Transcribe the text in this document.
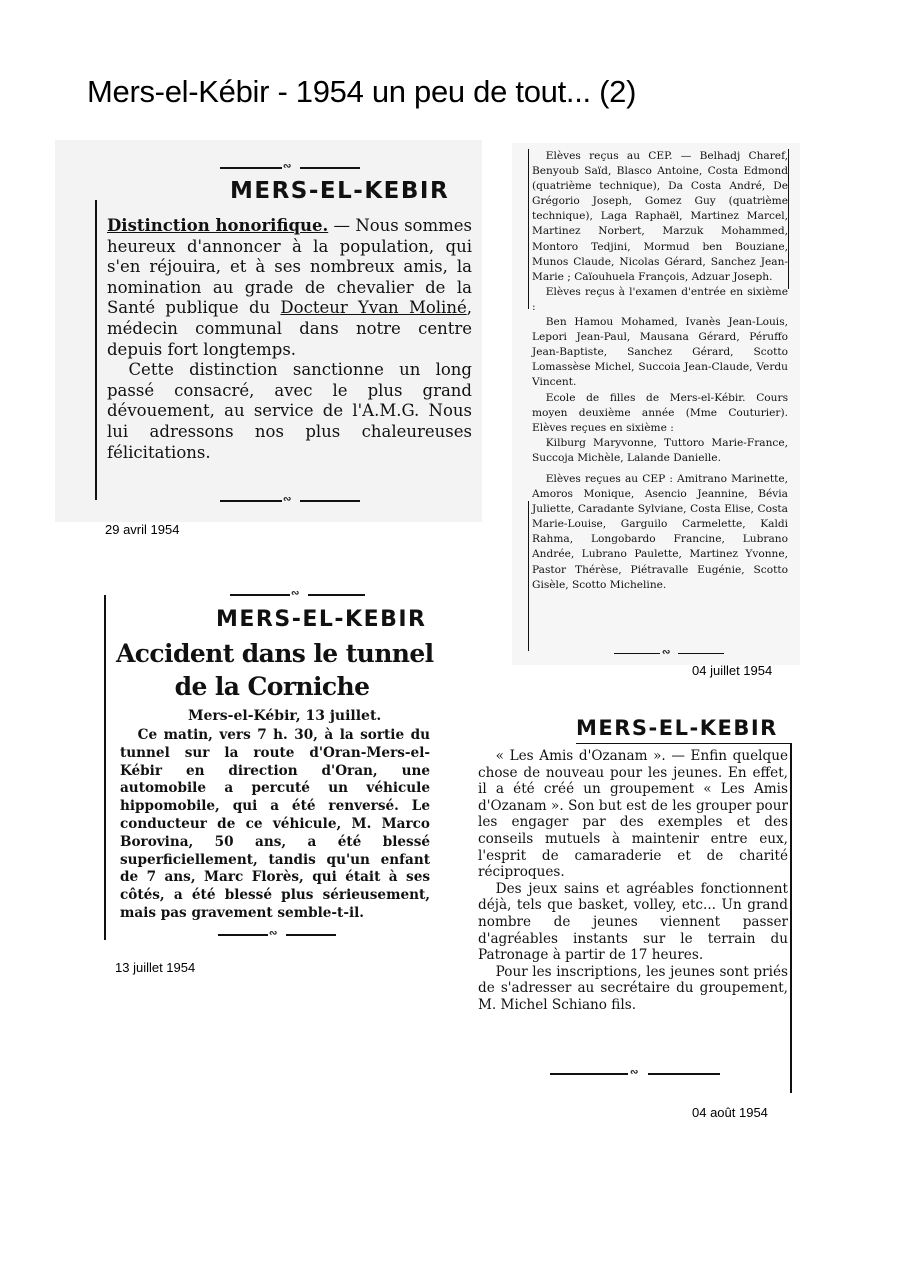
Mers-el-Kébir - 1954 un peu de tout... (2)
∾
MERS-EL-KEBIR

Distinction honorifique. — Nous sommes heureux d'annoncer à la population, qui s'en réjouira, et à ses nombreux amis, la nomination au grade de chevalier de la Santé publique du Docteur Yvan Moliné, médecin communal dans notre centre depuis fort longtemps.

Cette distinction sanctionne un long passé consacré, avec le plus grand dévouement, au service de l'A.M.G. Nous lui adressons nos plus chaleureuses félicitations.

∾
29 avril 1954

Elèves reçus au CEP. — Belhadj Charef, Benyoub Saïd, Blasco Antoine, Costa Edmond (quatrième technique), Da Costa André, De Grégorio Joseph, Gomez Guy (quatrième technique), Laga Raphaël, Martinez Marcel, Martinez Norbert, Marzuk Mohammed, Montoro Tedjini, Mormud ben Bouziane, Munos Claude, Nicolas Gérard, Sanchez Jean-Marie ; Caïouhuela François, Adzuar Joseph.

Elèves reçus à l'examen d'entrée en sixième :

Ben Hamou Mohamed, Ivanès Jean-Louis, Lepori Jean-Paul, Mausana Gérard, Péruffo Jean-Baptiste, Sanchez Gérard, Scotto Lomassèse Michel, Succoia Jean-Claude, Verdu Vincent.

Ecole de filles de Mers-el-Kébir. Cours moyen deuxième année (Mme Couturier). Elèves reçues en sixième :

Kilburg Maryvonne, Tuttoro Marie-France, Succoja Michèle, Lalande Danielle.

Elèves reçues au CEP : Amitrano Marinette, Amoros Monique, Asencio Jeannine, Bévia Juliette, Caradante Sylviane, Costa Elise, Costa Marie-Louise, Garguilo Carmelette, Kaldi Rahma, Longobardo Francine, Lubrano Andrée, Lubrano Paulette, Martinez Yvonne, Pastor Thérèse, Piétravalle Eugénie, Scotto Gisèle, Scotto Micheline.

∾
04 juillet 1954
∾
MERS-EL-KEBIR
Accident dans le tunnel
de la Corniche
Mers-el-Kébir, 13 juillet.

Ce matin, vers 7 h. 30, à la sortie du tunnel sur la route d'Oran-Mers-el-Kébir en direction d'Oran, une automobile a percuté un véhicule hippomobile, qui a été renversé. Le conducteur de ce véhicule, M. Marco Borovina, 50 ans, a été blessé superficiellement, tandis qu'un enfant de 7 ans, Marc Florès, qui était à ses côtés, a été blessé plus sérieusement, mais pas gravement semble-t-il.

∾
13 juillet 1954
MERS-EL-KEBIR

« Les Amis d'Ozanam ». — Enfin quelque chose de nouveau pour les jeunes. En effet, il a été créé un groupement « Les Amis d'Ozanam ». Son but est de les grouper pour les engager par des exemples et des conseils mutuels à maintenir entre eux, l'esprit de camaraderie et de charité réciproques.

Des jeux sains et agréables fonctionnent déjà, tels que basket, volley, etc... Un grand nombre de jeunes viennent passer d'agréables instants sur le terrain du Patronage à partir de 17 heures.

Pour les inscriptions, les jeunes sont priés de s'adresser au secrétaire du groupement, M. Michel Schiano fils.

∾
04 août 1954
